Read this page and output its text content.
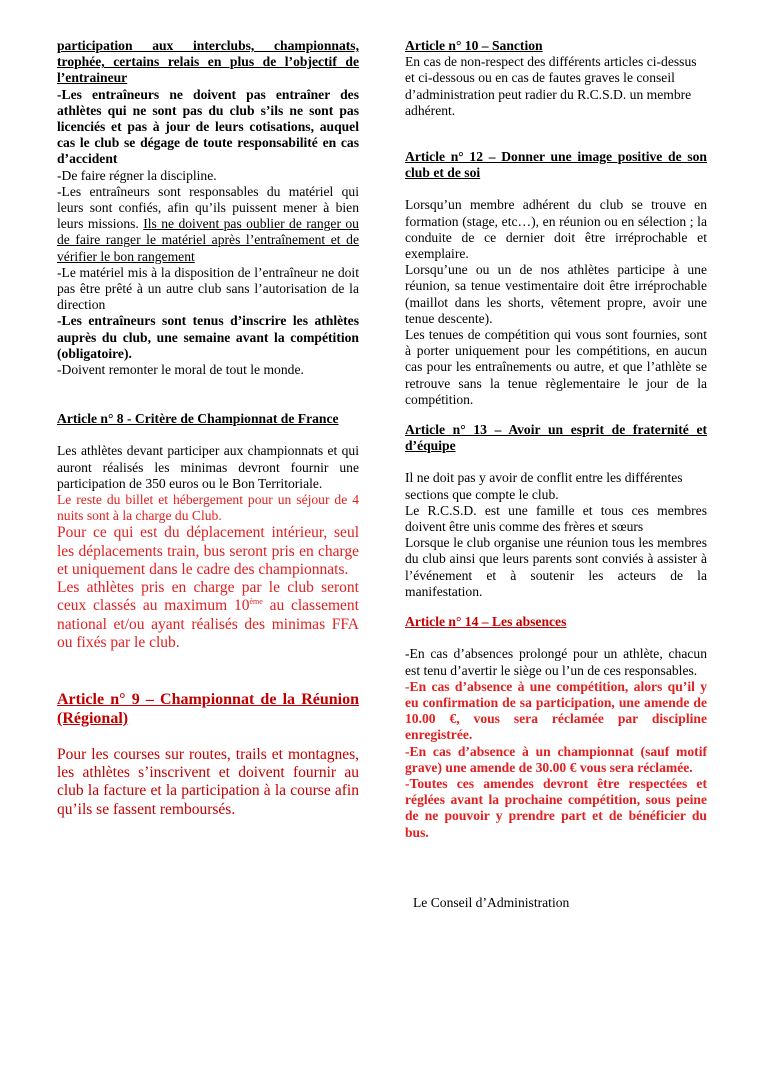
participation aux interclubs, championnats, trophée, certains relais en plus de l’objectif de l’entraineur

-Les entraîneurs ne doivent pas entraîner des athlètes qui ne sont pas du club s’ils ne sont pas licenciés et pas à jour de leurs cotisations, auquel cas le club se dégage de toute responsabilité en cas d’accident

-De faire régner la discipline.

-Les entraîneurs sont responsables du matériel qui leurs sont confiés, afin qu’ils puissent mener à bien leurs missions. Ils ne doivent pas oublier de ranger ou de faire ranger le matériel après l’entraînement et de vérifier le bon rangement

-Le matériel mis à la disposition de l’entraîneur ne doit pas être prêté à un autre club sans l’autorisation de la direction

-Les entraîneurs sont tenus d’inscrire les athlètes auprès du club, une semaine avant la compétition (obligatoire).

-Doivent remonter le moral de tout le monde.

Article n° 8 - Critère de Championnat de France

Les athlètes devant participer aux championnats et qui auront réalisés les minimas devront fournir une participation de 350 euros ou le Bon Territoriale.

Le reste du billet et hébergement pour un séjour de 4 nuits sont à la charge du Club.

Pour ce qui est du déplacement intérieur, seul les déplacements train, bus seront pris en charge et uniquement dans le cadre des championnats.

Les athlètes pris en charge par le club seront ceux classés au maximum 10ème au classement national et/ou ayant réalisés des minimas FFA ou fixés par le club.

Article n° 9 – Championnat de la Réunion (Régional)

Pour les courses sur routes, trails et montagnes, les athlètes s’inscrivent et doivent fournir au club la facture et la participation à la course afin qu’ils se fassent remboursés.

Article n° 10 – Sanction

En cas de non-respect des différents articles ci-dessus et ci-dessous ou en cas de fautes graves le conseil d’administration peut radier du R.C.S.D. un membre adhérent.

Article n° 12 – Donner une image positive de son club et de soi

Lorsqu’un membre adhérent du club se trouve en formation (stage, etc…), en réunion ou en sélection ; la conduite de ce dernier doit être irréprochable et exemplaire.

Lorsqu’une ou un de nos athlètes participe à une réunion, sa tenue vestimentaire doit être irréprochable (maillot dans les shorts, vêtement propre, avoir une tenue descente).

Les tenues de compétition qui vous sont fournies, sont à porter uniquement pour les compétitions, en aucun cas pour les entraînements ou autre, et que l’athlète se retrouve sans la tenue règlementaire le jour de la compétition.

Article n° 13 – Avoir un esprit de fraternité et d’équipe

Il ne doit pas y avoir de conflit entre les différentes sections que compte le club.

Le R.C.S.D. est une famille et tous ces membres doivent être unis comme des frères et sœurs

Lorsque le club organise une réunion tous les membres du club ainsi que leurs parents sont conviés à assister à l’événement et à soutenir les acteurs de la manifestation.

Article n° 14 – Les absences

-En cas d’absences prolongé pour un athlète, chacun est tenu d’avertir le siège ou l’un de ces responsables.

-En cas d’absence à une compétition, alors qu’il y eu confirmation de sa participation, une amende de 10.00 €, vous sera réclamée par discipline enregistrée.

-En cas d’absence à un championnat (sauf motif grave) une amende de 30.00 € vous sera réclamée.

-Toutes ces amendes devront être respectées et réglées avant la prochaine compétition, sous peine de ne pouvoir y prendre part et de bénéficier du bus.

Le Conseil d’Administration
